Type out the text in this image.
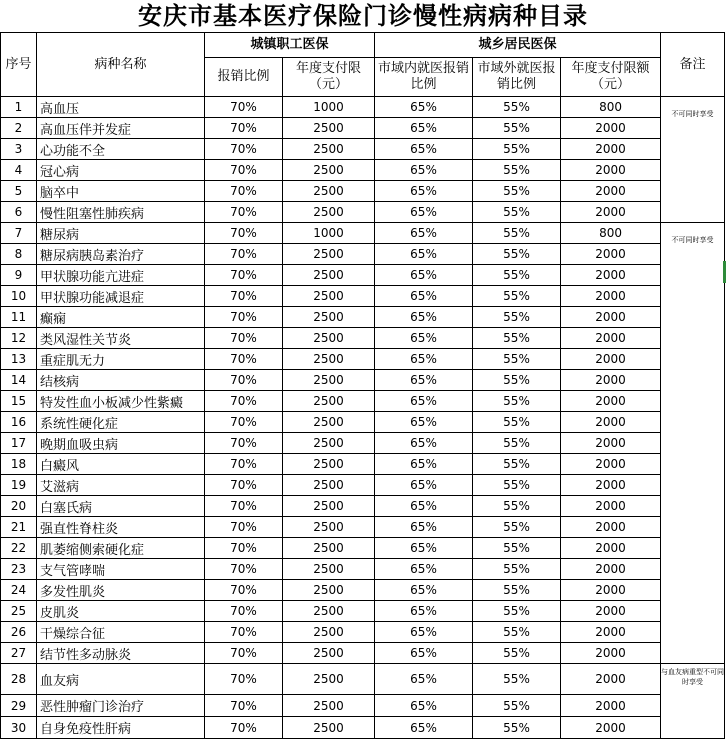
安庆市基本医疗保险门诊慢性病病种目录
序号	病种名称	城镇职工医保		城乡居民医保			备注
		报销比例	年度支付限（元）	市域内就医报销比例	市域外就医报销比例	年度支付限额（元）	
1	高血压	70%	1000	65%	55%	800	不可同时享受
2	高血压伴并发症	70%	2500	65%	55%	2000	
3	心功能不全	70%	2500	65%	55%	2000	
4	冠心病	70%	2500	65%	55%	2000	
5	脑卒中	70%	2500	65%	55%	2000	
6	慢性阻塞性肺疾病	70%	2500	65%	55%	2000	
7	糖尿病	70%	1000	65%	55%	800	不可同时享受
8	糖尿病胰岛素治疗	70%	2500	65%	55%	2000	
9	甲状腺功能亢进症	70%	2500	65%	55%	2000	
10	甲状腺功能减退症	70%	2500	65%	55%	2000	
11	癫痫	70%	2500	65%	55%	2000	
12	类风湿性关节炎	70%	2500	65%	55%	2000	
13	重症肌无力	70%	2500	65%	55%	2000	
14	结核病	70%	2500	65%	55%	2000	
15	特发性血小板减少性紫癜	70%	2500	65%	55%	2000	
16	系统性硬化症	70%	2500	65%	55%	2000	
17	晚期血吸虫病	70%	2500	65%	55%	2000	
18	白癜风	70%	2500	65%	55%	2000	
19	艾滋病	70%	2500	65%	55%	2000	
20	白塞氏病	70%	2500	65%	55%	2000	
21	强直性脊柱炎	70%	2500	65%	55%	2000	
22	肌萎缩侧索硬化症	70%	2500	65%	55%	2000	
23	支气管哮喘	70%	2500	65%	55%	2000	
24	多发性肌炎	70%	2500	65%	55%	2000	
25	皮肌炎	70%	2500	65%	55%	2000	
26	干燥综合征	70%	2500	65%	55%	2000	
27	结节性多动脉炎	70%	2500	65%	55%	2000	
28	血友病	70%	2500	65%	55%	2000	与血友病重型不可同时享受
29	恶性肿瘤门诊治疗	70%	2500	65%	55%	2000	
30	自身免疫性肝病	70%	2500	65%	55%	2000	
